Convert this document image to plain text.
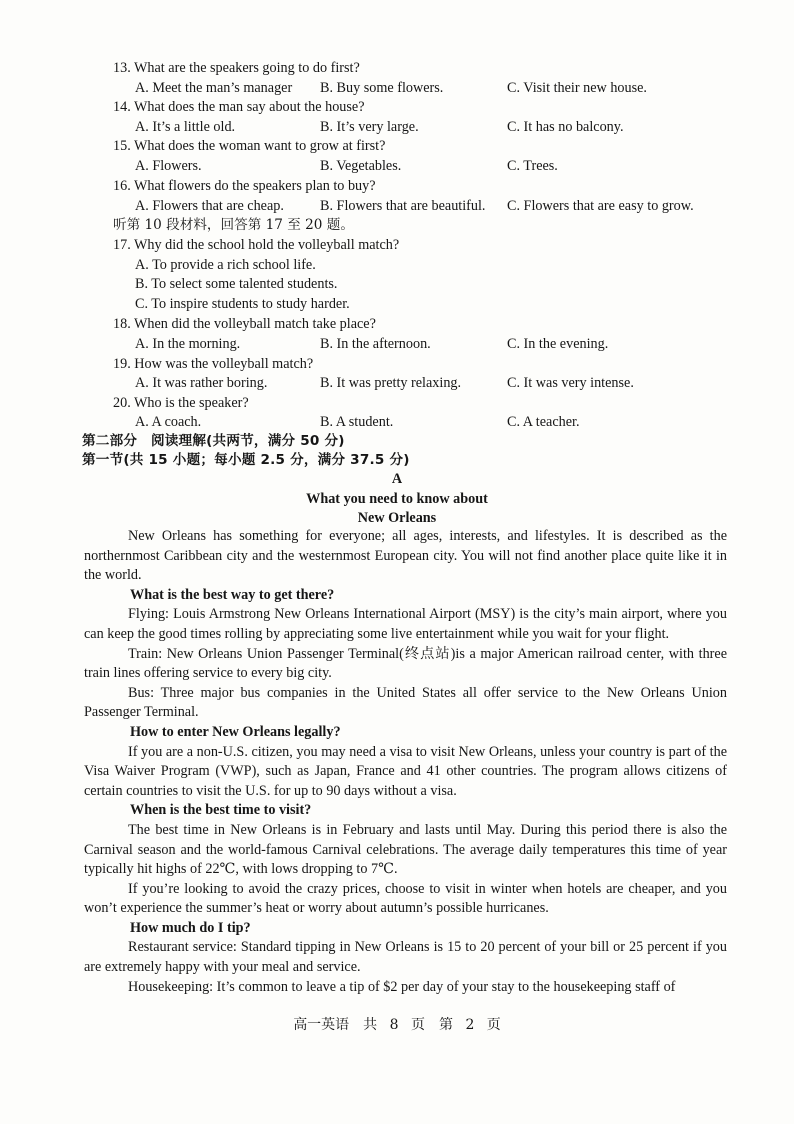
13. What are the speakers going to do first?
A. Meet the man’s manager B. Buy some flowers.	C. Visit their new house.
14. What does the man say about the house?
A. It’s a little old.	B. It’s very large.	C. It has no balcony.
15. What does the woman want to grow at first?
A. Flowers.	B. Vegetables.	C. Trees.
16. What flowers do the speakers plan to buy?
A. Flowers that are cheap.	B. Flowers that are beautiful. C. Flowers that are easy to grow.
听第 10 段材料，回答第 17 至 20 题。
17. Why did the school hold the volleyball match?
A. To provide a rich school life.
B. To select some talented students.
C. To inspire students to study harder.
18. When did the volleyball match take place?
A. In the morning.	B. In the afternoon.	C. In the evening.
19. How was the volleyball match?
A. It was rather boring.	B. It was pretty relaxing.	C. It was very intense.
20. Who is the speaker?
A. A coach.	B. A student.	C. A teacher.
第二部分　阅读理解(共两节，满分 50 分)
第一节(共 15 小题；每小题 2.5 分，满分 37.5 分)
A
What you need to know about
New Orleans

New Orleans has something for everyone; all ages, interests, and lifestyles. It is described as the northernmost Caribbean city and the westernmost European city. You will not find another place quite like it in the world.

What is the best way to get there?

Flying: Louis Armstrong New Orleans International Airport (MSY) is the city’s main airport, where you can keep the good times rolling by appreciating some live entertainment while you wait for your flight.

Train: New Orleans Union Passenger Terminal(终点站)is a major American railroad center, with three train lines offering service to every big city.

Bus: Three major bus companies in the United States all offer service to the New Orleans Union Passenger Terminal.

How to enter New Orleans legally?

If you are a non-U.S. citizen, you may need a visa to visit New Orleans, unless your country is part of the Visa Waiver Program (VWP), such as Japan, France and 41 other countries. The program allows citizens of certain countries to visit the U.S. for up to 90 days without a visa.

When is the best time to visit?

The best time in New Orleans is in February and lasts until May. During this period there is also the Carnival season and the world-famous Carnival celebrations. The average daily temperatures this time of year typically hit highs of 22℃, with lows dropping to 7℃.

If you’re looking to avoid the crazy prices, choose to visit in winter when hotels are cheaper, and you won’t experience the summer’s heat or worry about autumn’s possible hurricanes.

How much do I tip?

Restaurant service: Standard tipping in New Orleans is 15 to 20 percent of your bill or 25 percent if you are extremely happy with your meal and service.

Housekeeping: It’s common to leave a tip of $2 per day of your stay to the housekeeping staff of

高一英语　共 8 页　第 2 页
